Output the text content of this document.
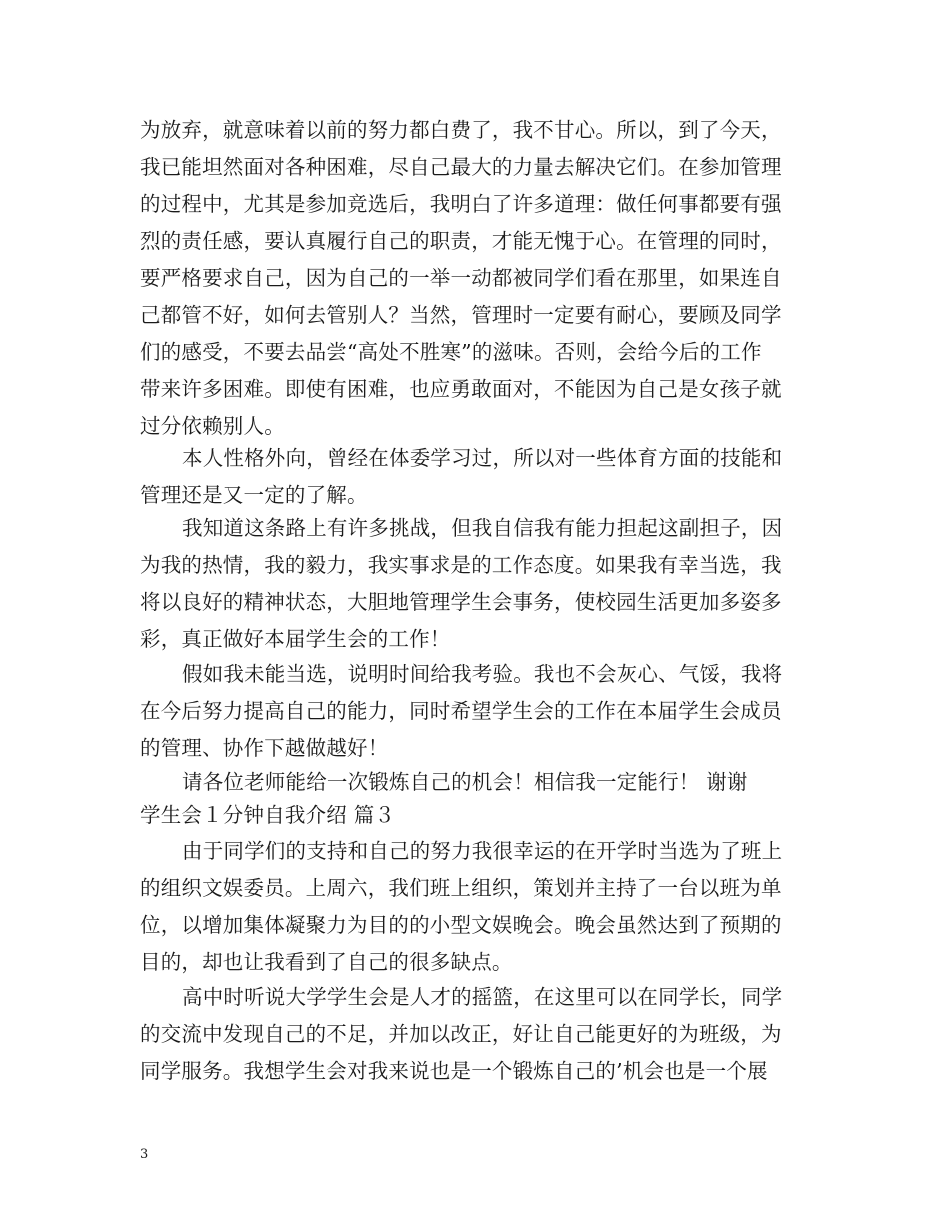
为放弃，就意味着以前的努力都白费了，我不甘心。所以，到了今天，
我已能坦然面对各种困难，尽自己最大的力量去解决它们。在参加管理
的过程中，尤其是参加竞选后，我明白了许多道理：做任何事都要有强
烈的责任感，要认真履行自己的职责，才能无愧于心。在管理的同时，
要严格要求自己，因为自己的一举一动都被同学们看在那里，如果连自
己都管不好，如何去管别人？当然，管理时一定要有耐心，要顾及同学
们的感受，不要去品尝“高处不胜寒”的滋味。否则，会给今后的工作
带来许多困难。即使有困难，也应勇敢面对，不能因为自己是女孩子就
过分依赖别人。
本人性格外向，曾经在体委学习过，所以对一些体育方面的技能和
管理还是又一定的了解。
我知道这条路上有许多挑战，但我自信我有能力担起这副担子，因
为我的热情，我的毅力，我实事求是的工作态度。如果我有幸当选，我
将以良好的精神状态，大胆地管理学生会事务，使校园生活更加多姿多
彩，真正做好本届学生会的工作！
假如我未能当选，说明时间给我考验。我也不会灰心、气馁，我将
在今后努力提高自己的能力，同时希望学生会的工作在本届学生会成员
的管理、协作下越做越好！
请各位老师能给一次锻炼自己的机会！相信我一定能行！ 谢谢
学生会１分钟自我介绍 篇３
由于同学们的支持和自己的努力我很幸运的在开学时当选为了班上
的组织文娱委员。上周六，我们班上组织，策划并主持了一台以班为单
位，以增加集体凝聚力为目的的小型文娱晚会。晚会虽然达到了预期的
目的，却也让我看到了自己的很多缺点。
高中时听说大学学生会是人才的摇篮，在这里可以在同学长，同学
的交流中发现自己的不足，并加以改正，好让自己能更好的为班级，为
同学服务。我想学生会对我来说也是一个锻炼自己的’机会也是一个展
3
